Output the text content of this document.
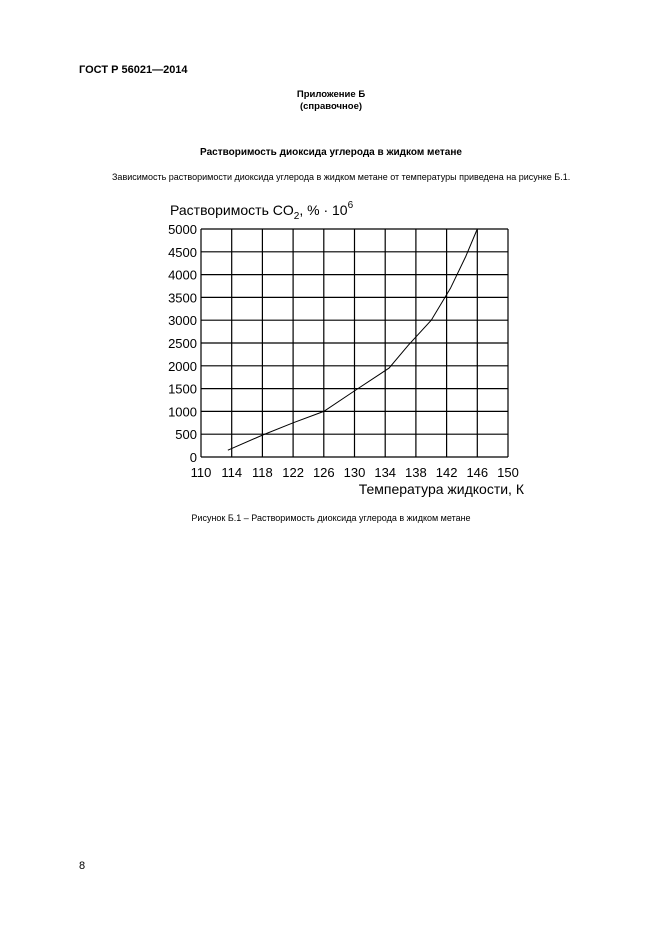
ГОСТ Р 56021—2014
Приложение Б
(справочное)
Растворимость диоксида углерода в жидком метане
Зависимость растворимости диоксида углерода в жидком метане от температуры приведена на рисунке Б.1.
Растворимость $CO_2$, % · $10^6$
0
500
1000
1500
2000
2500
3000
3500
4000
4500
5000
110 114 118 122 126 130 134 138 142 146 150
Температура жидкости, К
Рисунок Б.1 – Растворимость диоксида углерода в жидком метане
8
